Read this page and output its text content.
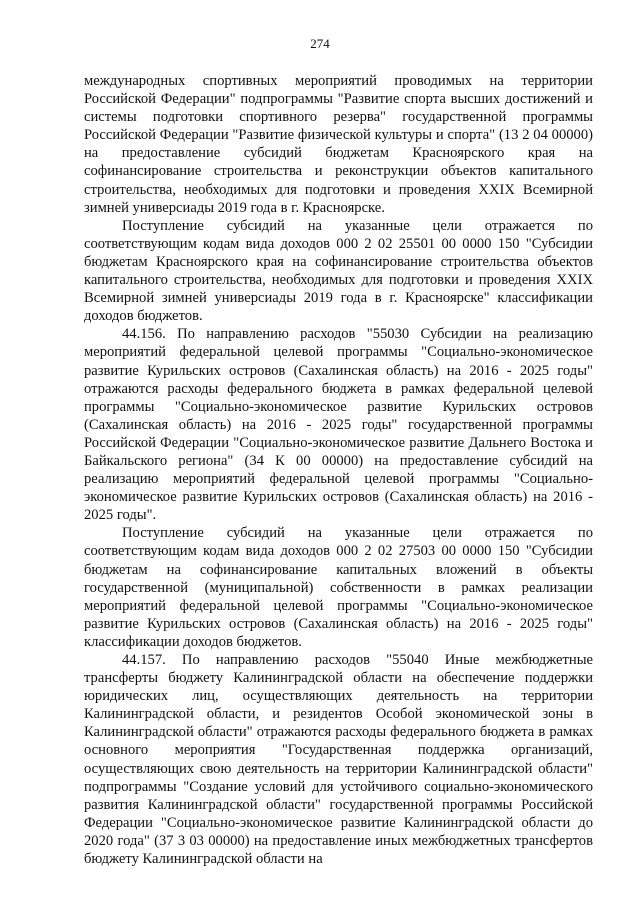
274

международных спортивных мероприятий проводимых на территории Российской Федерации" подпрограммы "Развитие спорта высших достижений и системы подготовки спортивного резерва" государственной программы Российской Федерации "Развитие физической культуры и спорта" (13 2 04 00000) на предоставление субсидий бюджетам Красноярского края на софинансирование строительства и реконструкции объектов капитального строительства, необходимых для подготовки и проведения XXIX Всемирной зимней универсиады 2019 года в г. Красноярске.

Поступление субсидий на указанные цели отражается по соответствующим кодам вида доходов 000 2 02 25501 00 0000 150 "Субсидии бюджетам Красноярского края на софинансирование строительства объектов капитального строительства, необходимых для подготовки и проведения XXIX Всемирной зимней универсиады 2019 года в г. Красноярске" классификации доходов бюджетов.

44.156. По направлению расходов "55030 Субсидии на реализацию мероприятий федеральной целевой программы "Социально-экономическое развитие Курильских островов (Сахалинская область) на 2016 - 2025 годы" отражаются расходы федерального бюджета в рамках федеральной целевой программы "Социально-экономическое развитие Курильских островов (Сахалинская область) на 2016 - 2025 годы" государственной программы Российской Федерации "Социально-экономическое развитие Дальнего Востока и Байкальского региона" (34 К 00 00000) на предоставление субсидий на реализацию мероприятий федеральной целевой программы "Социально-экономическое развитие Курильских островов (Сахалинская область) на 2016 - 2025 годы".

Поступление субсидий на указанные цели отражается по соответствующим кодам вида доходов 000 2 02 27503 00 0000 150 "Субсидии бюджетам на софинансирование капитальных вложений в объекты государственной (муниципальной) собственности в рамках реализации мероприятий федеральной целевой программы "Социально-экономическое развитие Курильских островов (Сахалинская область) на 2016 - 2025 годы" классификации доходов бюджетов.

44.157. По направлению расходов "55040 Иные межбюджетные трансферты бюджету Калининградской области на обеспечение поддержки юридических лиц, осуществляющих деятельность на территории Калининградской области, и резидентов Особой экономической зоны в Калининградской области" отражаются расходы федерального бюджета в рамках основного мероприятия "Государственная поддержка организаций, осуществляющих свою деятельность на территории Калининградской области" подпрограммы "Создание условий для устойчивого социально-экономического развития Калининградской области" государственной программы Российской Федерации "Социально-экономическое развитие Калининградской области до 2020 года" (37 3 03 00000) на предоставление иных межбюджетных трансфертов бюджету Калининградской области на
